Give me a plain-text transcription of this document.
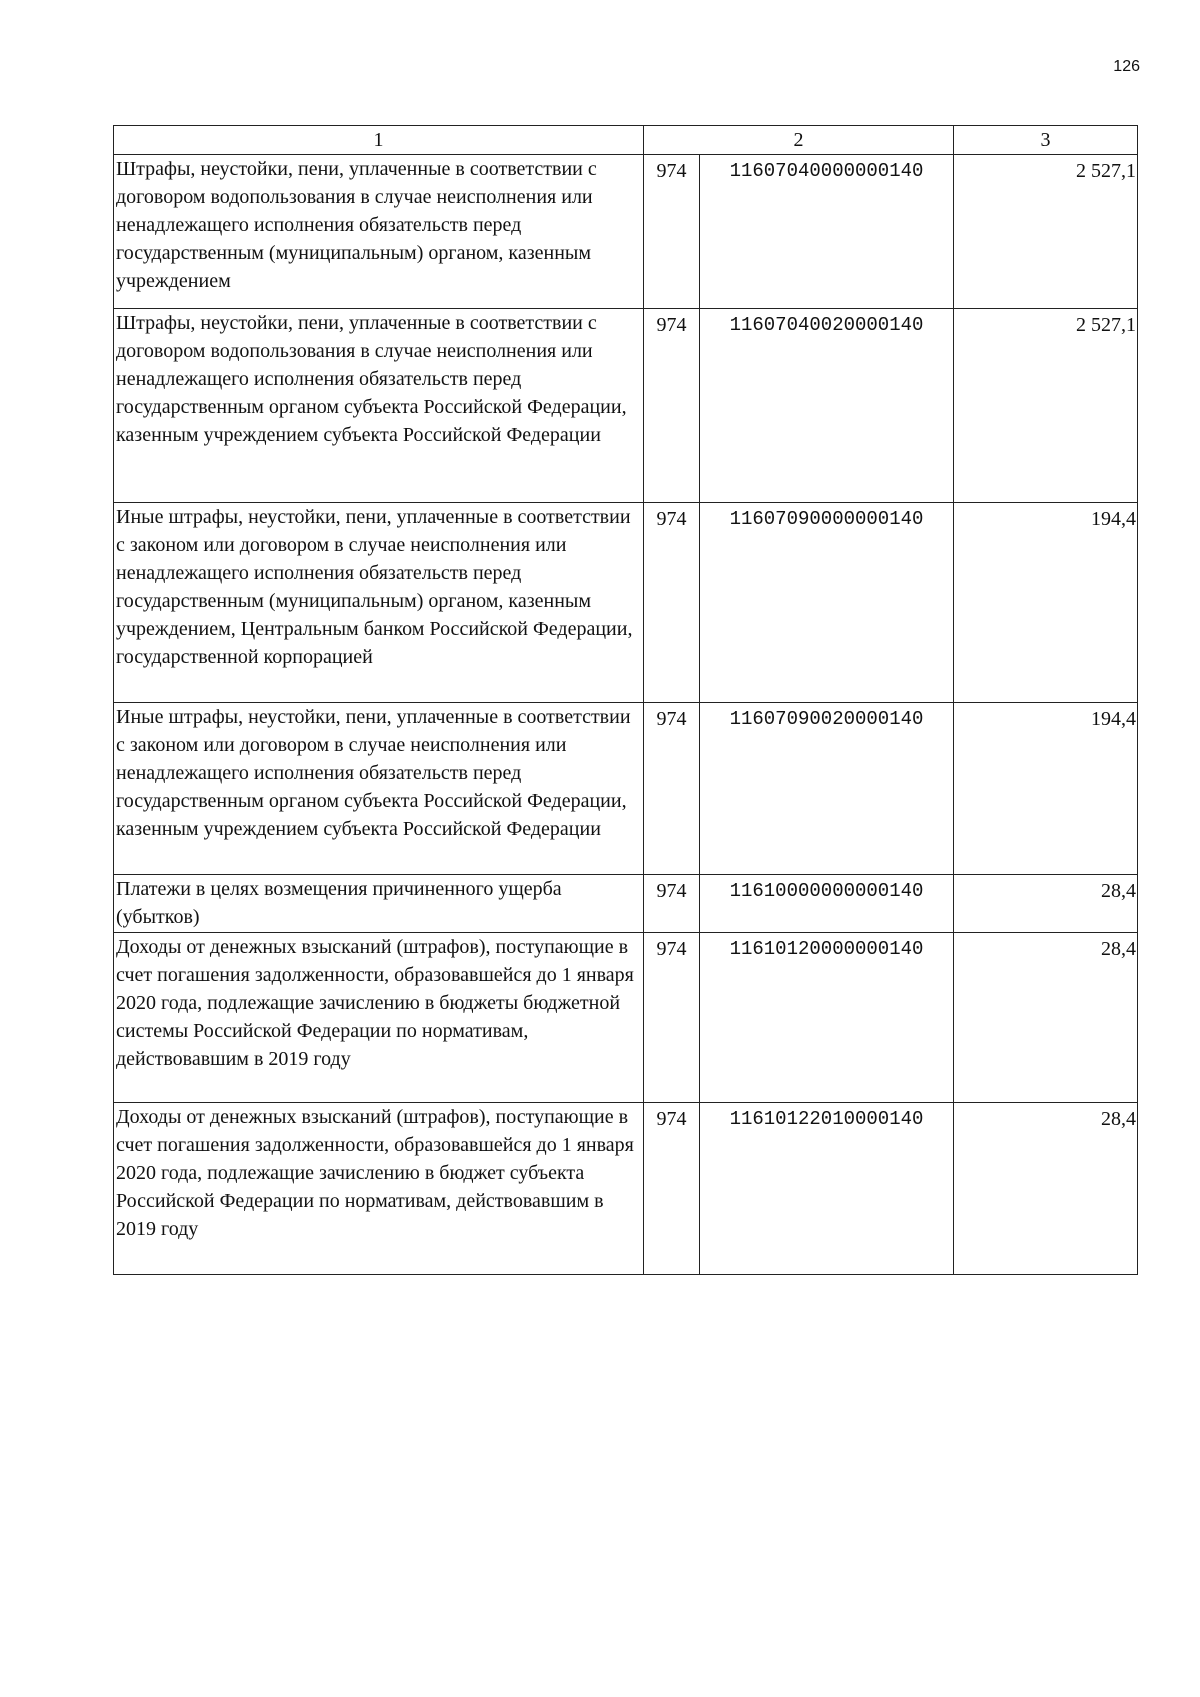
126
1	2		3
Штрафы, неустойки, пени, уплаченные в соответствии с договором водопользования в случае неисполнения или ненадлежащего исполнения обязательств перед государственным (муниципальным) органом, казенным учреждением	974	11607040000000140	2 527,1
Штрафы, неустойки, пени, уплаченные в соответствии с договором водопользования в случае неисполнения или ненадлежащего исполнения обязательств перед государственным органом субъекта Российской Федерации, казенным учреждением субъекта Российской Федерации	974	11607040020000140	2 527,1
Иные штрафы, неустойки, пени, уплаченные в соответствии с законом или договором в случае неисполнения или ненадлежащего исполнения обязательств перед государственным (муниципальным) органом, казенным учреждением, Центральным банком Российской Федерации, государственной корпорацией	974	11607090000000140	194,4
Иные штрафы, неустойки, пени, уплаченные в соответствии с законом или договором в случае неисполнения или ненадлежащего исполнения обязательств перед государственным органом субъекта Российской Федерации, казенным учреждением субъекта Российской Федерации	974	11607090020000140	194,4
Платежи в целях возмещения причиненного ущерба (убытков)	974	11610000000000140	28,4
Доходы от денежных взысканий (штрафов), поступающие в счет погашения задолженности, образовавшейся до 1 января 2020 года, подлежащие зачислению в бюджеты бюджетной системы Российской Федерации по нормативам, действовавшим в 2019 году	974	11610120000000140	28,4
Доходы от денежных взысканий (штрафов), поступающие в счет погашения задолженности, образовавшейся до 1 января 2020 года, подлежащие зачислению в бюджет субъекта Российской Федерации по нормативам, действовавшим в 2019 году	974	11610122010000140	28,4
